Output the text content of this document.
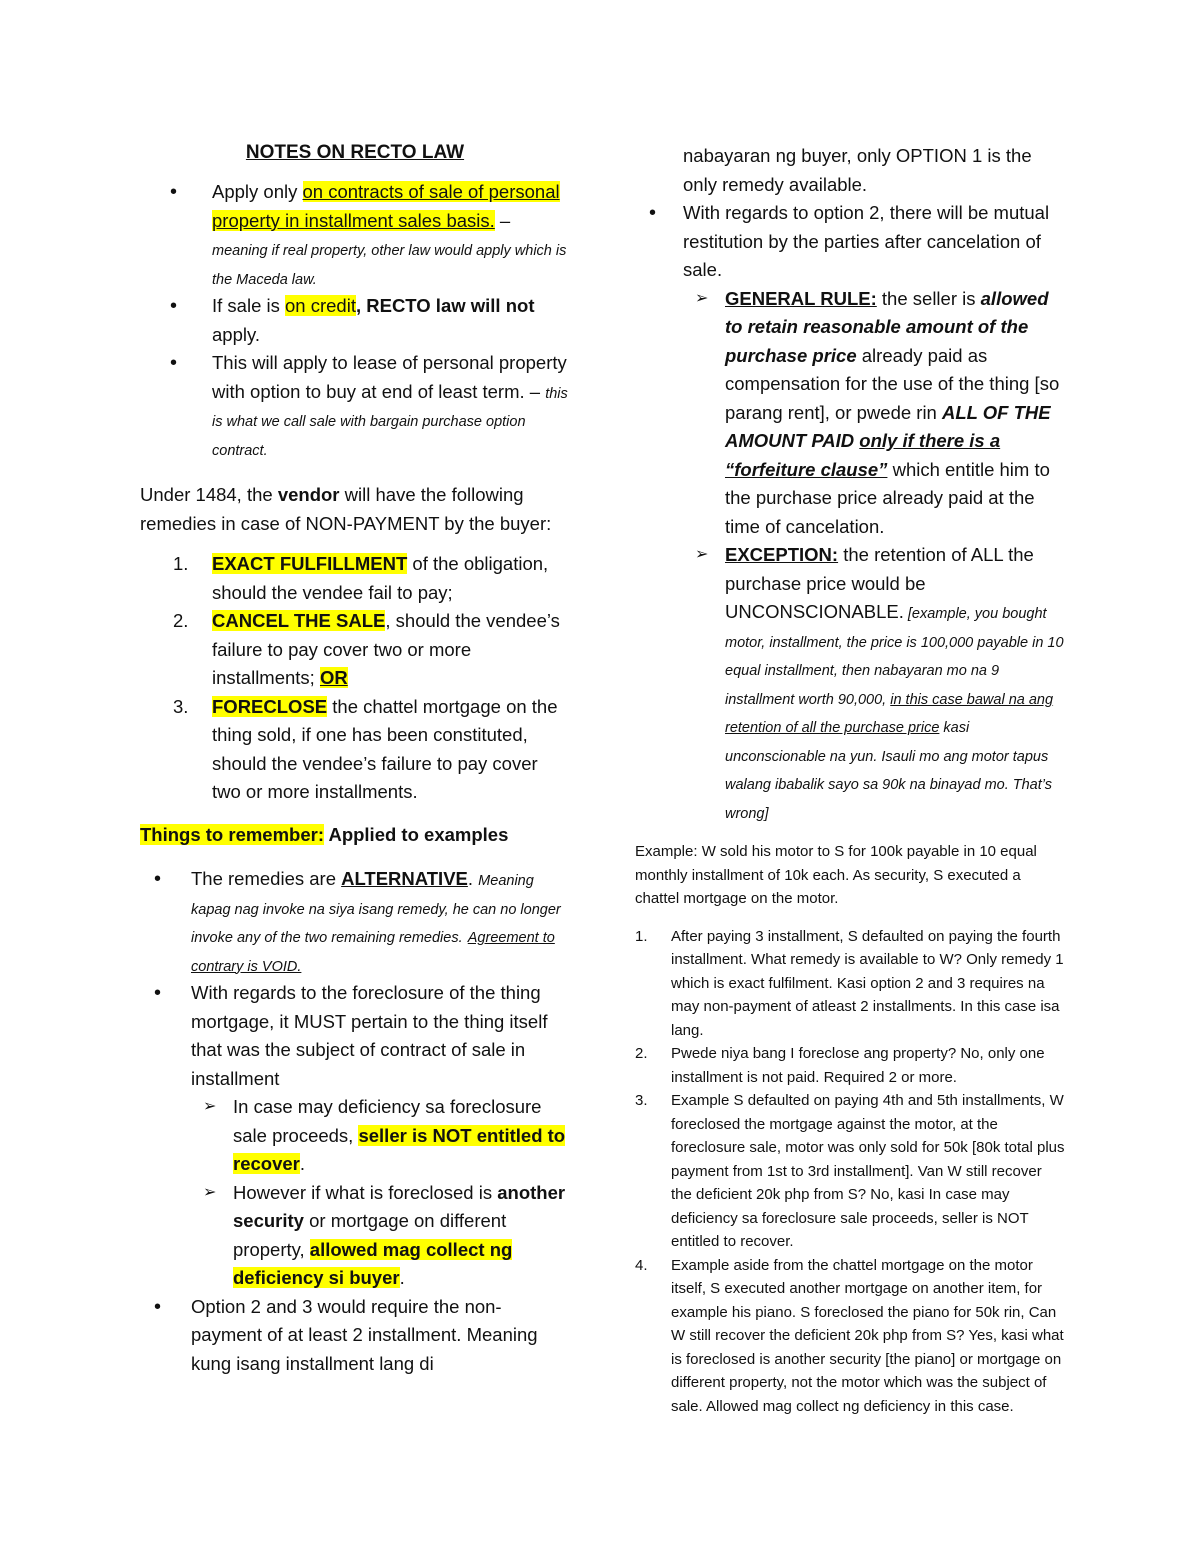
NOTES ON RECTO LAW

• Apply only on contracts of sale of personal property in installment sales basis. – meaning if real property, other law would apply which is the Maceda law.
• If sale is on credit, RECTO law will not apply.
• This will apply to lease of personal property with option to buy at end of least term. – this is what we call sale with bargain purchase option contract.

Under 1484, the vendor will have the following remedies in case of NON-PAYMENT by the buyer:

1. EXACT FULFILLMENT of the obligation, should the vendee fail to pay;
2. CANCEL THE SALE, should the vendee’s failure to pay cover two or more installments; OR
3. FORECLOSE the chattel mortgage on the thing sold, if one has been constituted, should the vendee’s failure to pay cover two or more installments.

Things to remember: Applied to examples

• The remedies are ALTERNATIVE. Meaning kapag nag invoke na siya isang remedy, he can no longer invoke any of the two remaining remedies. Agreement to contrary is VOID.
• With regards to the foreclosure of the thing mortgage, it MUST pertain to the thing itself that was the subject of contract of sale in installment
➢ In case may deficiency sa foreclosure sale proceeds, seller is NOT entitled to recover.
➢ However if what is foreclosed is another security or mortgage on different property, allowed mag collect ng deficiency si buyer.
• Option 2 and 3 would require the non-payment of at least 2 installment. Meaning kung isang installment lang di

nabayaran ng buyer, only OPTION 1 is the only remedy available.

• With regards to option 2, there will be mutual restitution by the parties after cancelation of sale.
➢ GENERAL RULE: the seller is allowed to retain reasonable amount of the purchase price already paid as compensation for the use of the thing [so parang rent], or pwede rin ALL OF THE AMOUNT PAID only if there is a “forfeiture clause” which entitle him to the purchase price already paid at the time of cancelation.
➢ EXCEPTION: the retention of ALL the purchase price would be UNCONSCIONABLE. [example, you bought motor, installment, the price is 100,000 payable in 10 equal installment, then nabayaran mo na 9 installment worth 90,000, in this case bawal na ang retention of all the purchase price kasi unconscionable na yun. Isauli mo ang motor tapus walang ibabalik sayo sa 90k na binayad mo. That’s wrong]

Example: W sold his motor to S for 100k payable in 10 equal monthly installment of 10k each. As security, S executed a chattel mortgage on the motor.

1. After paying 3 installment, S defaulted on paying the fourth installment. What remedy is available to W? Only remedy 1 which is exact fulfilment. Kasi option 2 and 3 requires na may non-payment of atleast 2 installments. In this case isa lang.
2. Pwede niya bang I foreclose ang property? No, only one installment is not paid. Required 2 or more.
3. Example S defaulted on paying 4th and 5th installments, W foreclosed the mortgage against the motor, at the foreclosure sale, motor was only sold for 50k [80k total plus payment from 1st to 3rd installment]. Van W still recover the deficient 20k php from S? No, kasi In case may deficiency sa foreclosure sale proceeds, seller is NOT entitled to recover.
4. Example aside from the chattel mortgage on the motor itself, S executed another mortgage on another item, for example his piano. S foreclosed the piano for 50k rin, Can W still recover the deficient 20k php from S? Yes, kasi what is foreclosed is another security [the piano] or mortgage on different property, not the motor which was the subject of sale. Allowed mag collect ng deficiency in this case.
